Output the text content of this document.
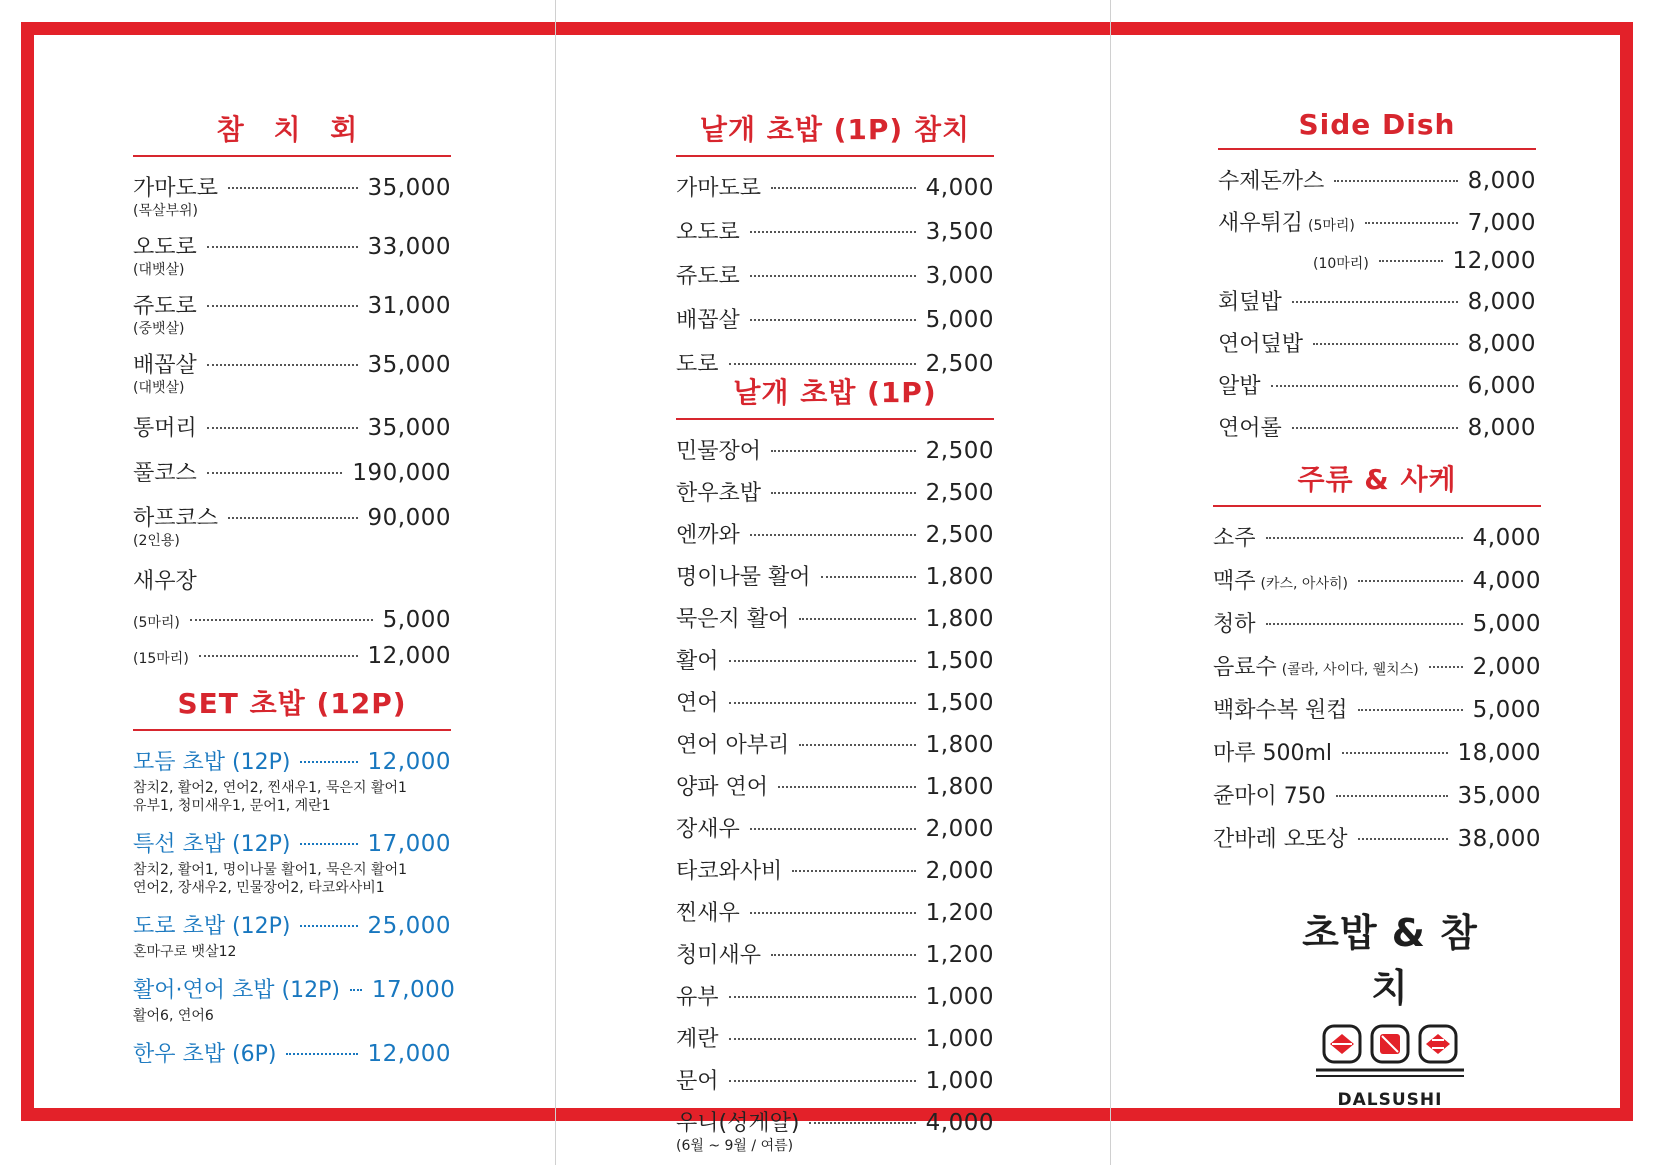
참 치 회
가마도로	35,000
(목살부위)
오도로	33,000
(대뱃살)
쥬도로	31,000
(중뱃살)
배꼽살	35,000
(대뱃살)
통머리	35,000
풀코스	190,000
하프코스	90,000
(2인용)
새우장
(5마리)	5,000
(15마리)	12,000
SET 초밥 (12P)
모듬 초밥 (12P)	12,000
참치2, 활어2, 연어2, 찐새우1, 묵은지 활어1
유부1, 청미새우1, 문어1, 계란1
특선 초밥 (12P)	17,000
참치2, 활어1, 명이나물 활어1, 묵은지 활어1
연어2, 장새우2, 민물장어2, 타코와사비1
도로 초밥 (12P)	25,000
혼마구로 뱃살12
활어·연어 초밥 (12P) 17,000
활어6, 연어6
한우 초밥 (6P)	12,000
낱개 초밥 (1P) 참치
가마도로	4,000
오도로	3,500
쥬도로	3,000
배꼽살	5,000
도로	2,500
낱개 초밥 (1P)
민물장어	2,500
한우초밥	2,500
엔까와	2,500
명이나물 활어	1,800
묵은지 활어	1,800
활어	1,500
연어	1,500
연어 아부리	1,800
양파 연어	1,800
장새우	2,000
타코와사비	2,000
찐새우	1,200
청미새우	1,200
유부	1,000
계란	1,000
문어	1,000
우니(성게알)	4,000
(6월 ~ 9월 / 여름)
Side Dish
수제돈까스	8,000
새우튀김 (5마리)	7,000
(10마리)	12,000
회덮밥	8,000
연어덮밥	8,000
알밥	6,000
연어롤	8,000
주류 & 사케
소주	4,000
맥주 (카스, 아사히)	4,000
청하	5,000
음료수 (콜라, 사이다, 웰치스) 2,000
백화수복 원컵	5,000
마루 500ml	18,000
쥰마이 750	35,000
간바레 오또상	38,000
초밥 & 참치
DALSUSHI
